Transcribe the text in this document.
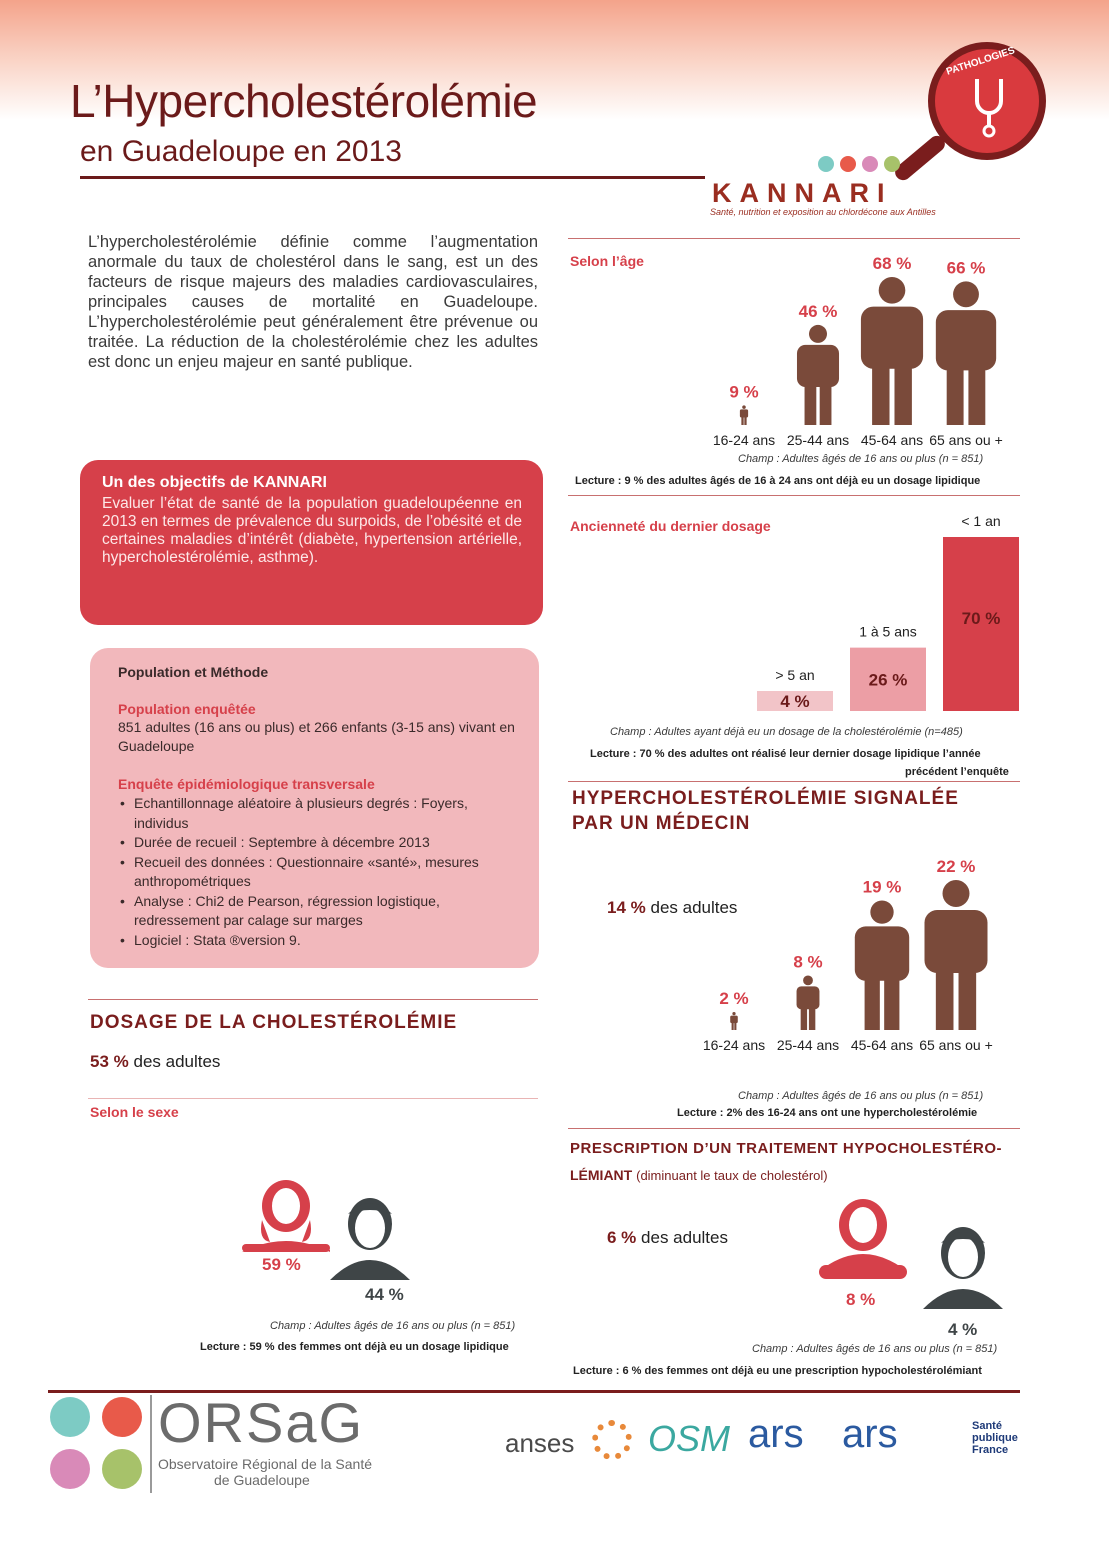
L’Hypercholestérolémie
en Guadeloupe en 2013
PATHOLOGIES
KANNARI
Santé, nutrition et exposition au chlordécone aux Antilles
L’hypercholestérolémie définie comme l’augmentation anormale du taux de cholestérol dans le sang, est un des facteurs de risque majeurs des maladies cardiovasculaires, principales causes de mortalité en Guadeloupe. L’hypercholestérolémie peut généralement être prévenue ou traitée. La réduction de la cholestérolémie chez les adultes est donc un enjeu majeur en santé publique.
Un des objectifs de KANNARI

Evaluer l’état de santé de la population guadeloupéenne en 2013 en termes de prévalence du surpoids, de l’obésité et de certaines maladies d’intérêt (diabète, hypertension artérielle, hypercholestérolémie, asthme).

Population et Méthode
Population enquêtée
851 adultes (16 ans ou plus) et 266 enfants (3-15 ans) vivant en Guadeloupe
Enquête épidémiologique transversale
• Echantillonnage aléatoire à plusieurs degrés : Foyers, individus
• Durée de recueil : Septembre à décembre 2013
• Recueil des données : Questionnaire «santé», mesures anthropométriques
• Analyse : Chi2 de Pearson, régression logistique, redressement par calage sur marges
• Logiciel : Stata ®version 9.
DOSAGE DE LA CHOLESTÉROLÉMIE
53 % des adultes
Selon le sexe
59 %
44 %
Champ : Adultes âgés de 16 ans ou plus (n = 851)
Lecture : 59 % des femmes ont déjà eu un dosage lipidique
Selon l’âge
9 %
16-24 ans
46 %
25-44 ans
68 %
45-64 ans
66 %
65 ans ou +
Champ : Adultes âgés de 16 ans ou plus (n = 851)
Lecture : 9 % des adultes âgés de 16 à 24 ans ont déjà eu un dosage lipidique
Ancienneté du dernier dosage
> 5 an
4 %
1 à 5 ans
26 %
< 1 an
70 %
Champ : Adultes ayant déjà eu un dosage de la cholestérolémie (n=485)
Lecture : 70 % des adultes ont réalisé leur dernier dosage lipidique l’année
précédent l’enquête
HYPERCHOLESTÉROLÉMIE SIGNALÉE
PAR UN MÉDECIN
14 % des adultes
2 %
16-24 ans
8 %
25-44 ans
19 %
45-64 ans
22 %
65 ans ou +
Champ : Adultes âgés de 16 ans ou plus (n = 851)
Lecture : 2% des 16-24 ans ont une hypercholestérolémie
PRESCRIPTION D’UN TRAITEMENT HYPOCHOLESTÉRO-
LÉMIANT (diminuant le taux de cholestérol)
6 % des adultes
8 %
4 %
Champ : Adultes âgés de 16 ans ou plus (n = 851)
Lecture : 6 % des femmes ont déjà eu une prescription hypocholestérolémiant
ORSaG
Observatoire Régional de la Santé
de Guadeloupe
anses OSM ars ars	Santé publique France
